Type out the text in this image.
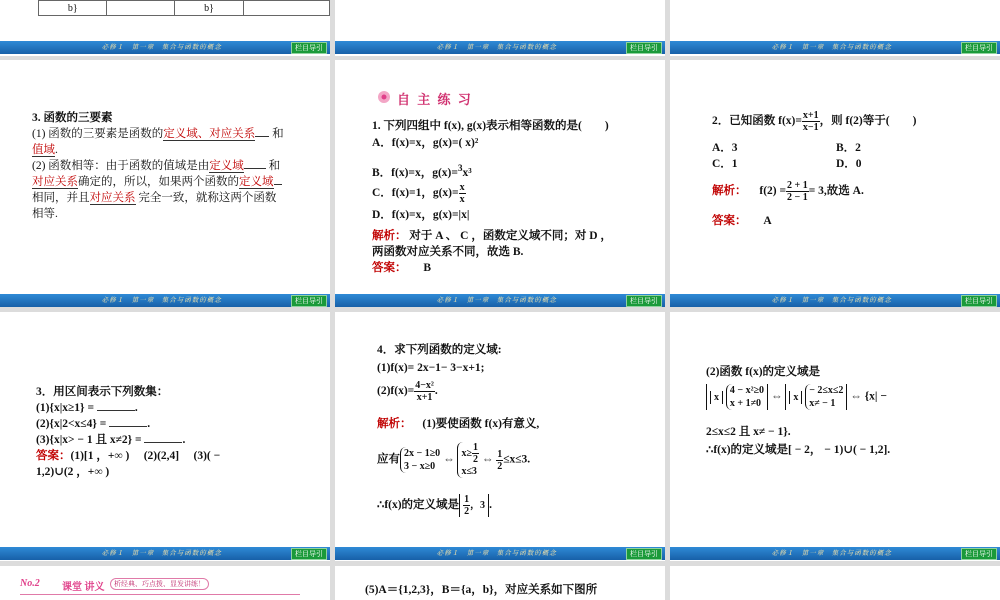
b}		b}	
必修１　第一章　集合与函数的概念	栏目导引	必修１　第一章　集合与函数的概念	栏目导引	必修１　第一章　集合与函数的概念	栏目导引
3. 函数的三要素
(1) 函数的三要素是函数的定义域、对应关系 和
值域.
(2) 函数相等：由于函数的值域是由定义域 和
对应关系确定的，所以，如果两个函数的定义域
相同，并且对应关系 完全一致，就称这两个函数
相等.
必修１　第一章　集合与函数的概念	栏目导引
自 主 练 习
1. 下列四组中 f(x), g(x)表示相等函数的是(　　)
A．f(x)=x，g(x)=( x)²
B．f(x)=x，g(x)=$^3$x³
C．f(x)=1，$g(x)= \frac{x}{x}$
D．f(x)=x，g(x)=|x|
解析： 对于 A 、 C ，函数定义域不同；对 D ，
两函数对应关系不同，故选 B.
答案： B
必修１　第一章　集合与函数的概念	栏目导引
2．已知函数 $f(x)= \frac{x+1}{x-1}$ ，则 f(2)等于(　　)
A．3	B．2
C．1	D．0
解析： $f(2) = \frac{2 + 1}{2 - 1} = 3$,故选 A.
答案： A
必修１　第一章　集合与函数的概念	栏目导引
3．用区间表示下列数集：
(1){x|x≥1} =	.
(2){x|2<x≤4} =	.
(3){x|x> − 1 且 x≠2} =	.
答案：(1)[1 ，+∞ )　 (2)(2,4]　 (3)( −
1,2)∪(2 ，+∞ )
必修１　第一章　集合与函数的概念	栏目导引
4．求下列函数的定义域:
(1)f(x)= 2x−1− 3−x+1;
$(2)f(x)= \frac{\text{4−x²}}{x+1}$ .
解析： (1)要使函数 f(x)有意义,
应有
2x − 1≥0
3 − x≥0
⇔
$x\ge \frac{1}{2}$
x≤3
⇔ $\frac{1}{2} \le x\le 3$.
∴f(x)的定义域是 $\frac{1}{2}$ ，3 .
必修１　第一章　集合与函数的概念	栏目导引
(2)函数 f(x)的定义域是
x
4 − x²≥0
x + 1≠0
⇔ x
− 2≤x≤2
x≠ − 1
⇔ {x| −
2≤x≤2 且 x≠ − 1}.
∴f(x)的定义域是[ − 2， − 1)∪( − 1,2].
必修１　第一章　集合与函数的概念	栏目导引
No.2 课堂 讲义	析经典、巧点拨、显发讲练！	(5)A＝{1,2,3}，B＝{a，b}，对应关系如下图所
